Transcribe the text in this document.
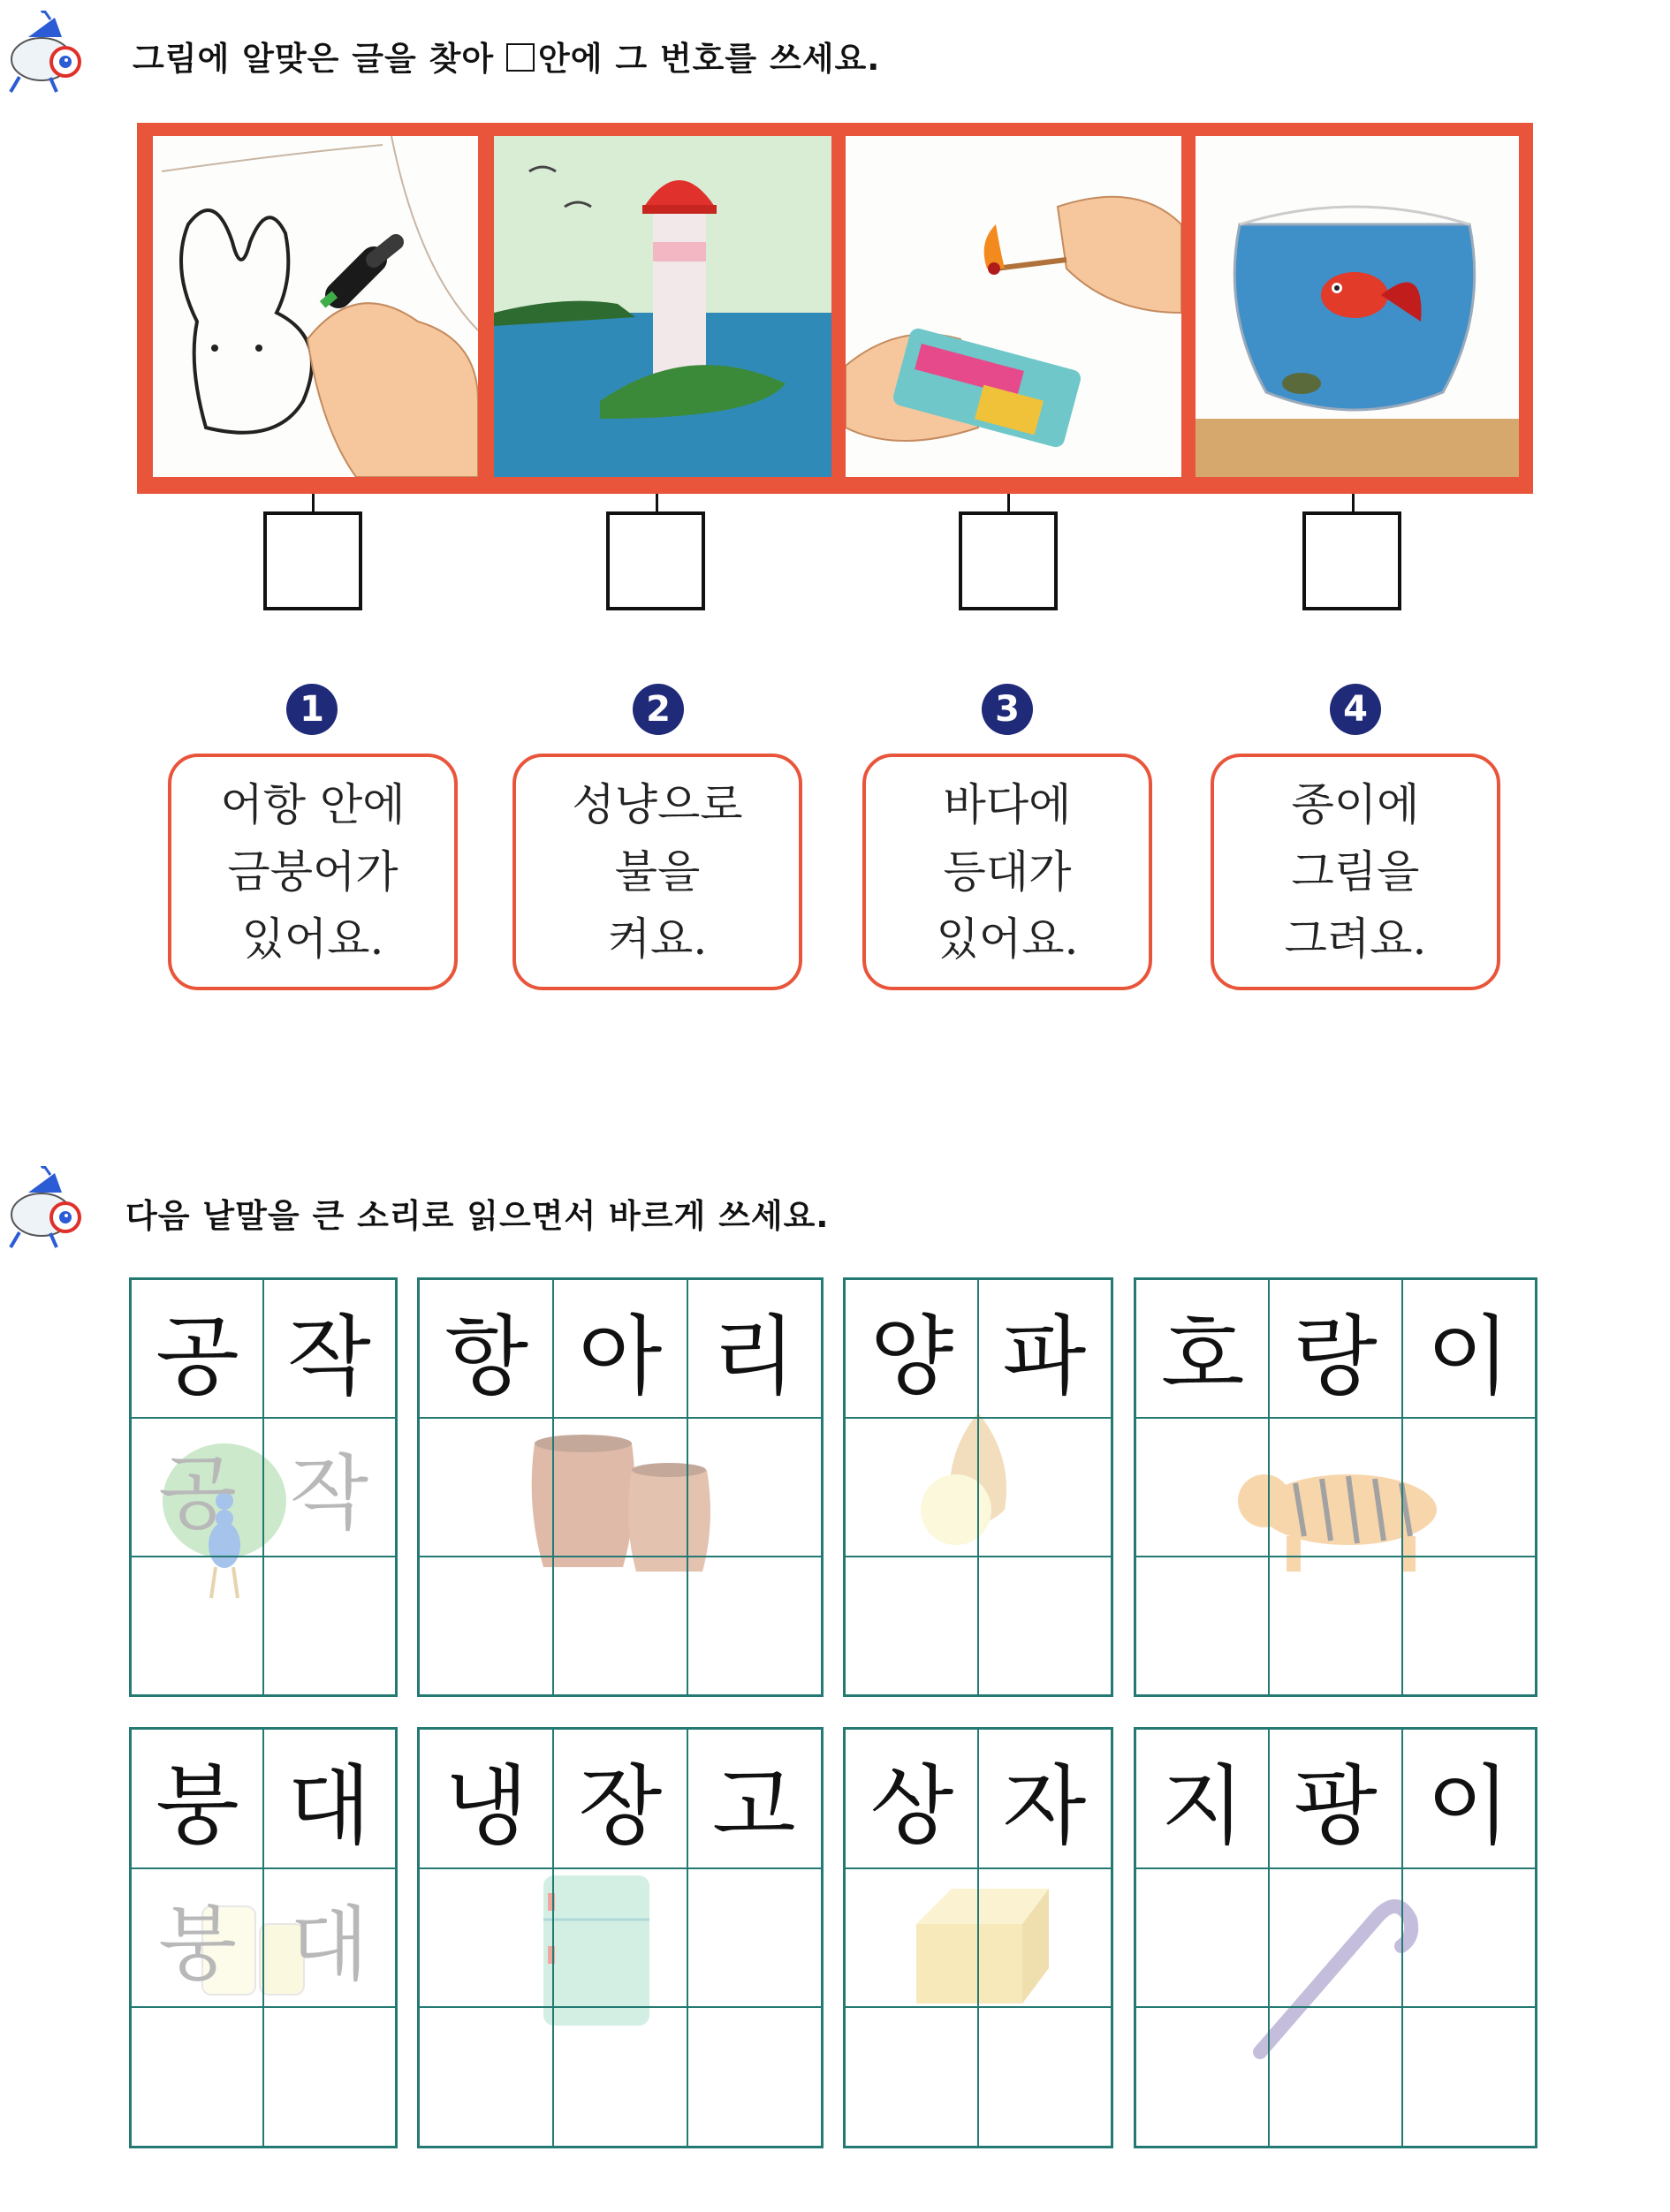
그림에 알맞은 글을 찾아 안에 그 번호를 쓰세요.
1
어항 안에
금붕어가
있어요.
2
성냥으로
불을
켜요.
3
바다에
등대가
있어요.
4
종이에
그림을
그려요.
다음 낱말을 큰 소리로 읽으면서 바르게 쓰세요.
공 작
공 작
항 아 리 양 파 호 랑 이
붕 대
붕 대
냉 장 고 상 자 지 팡 이
